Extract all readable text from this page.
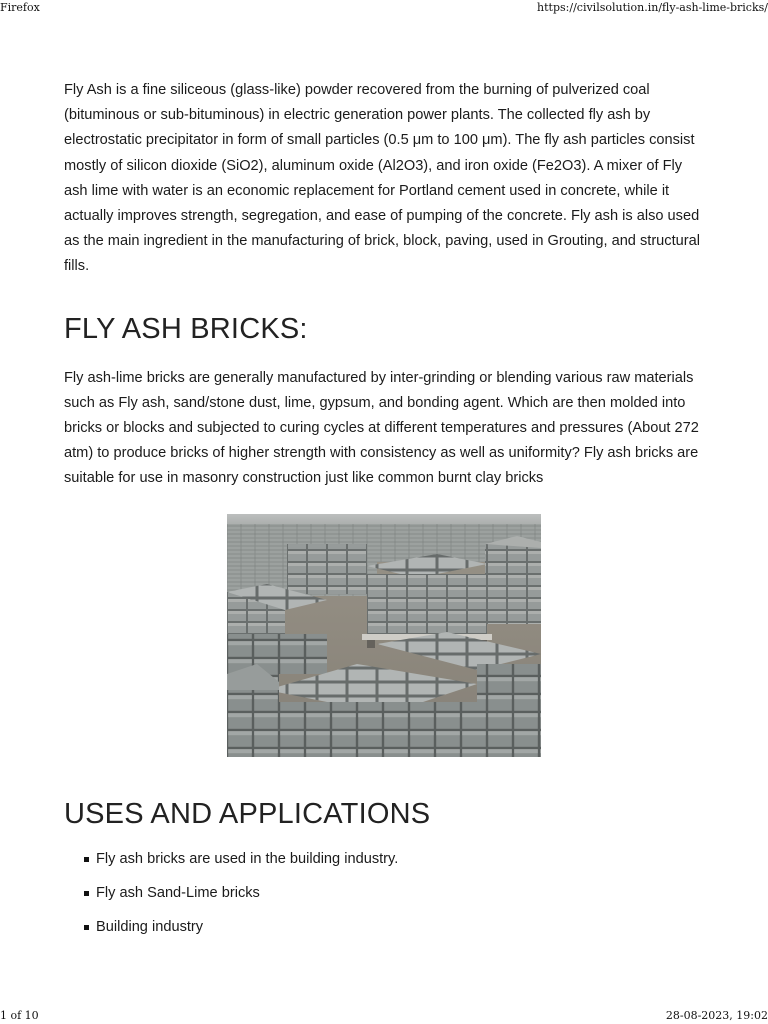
Firefox	https://civilsolution.in/fly-ash-lime-bricks/

Fly Ash is a fine siliceous (glass-like) powder recovered from the burning of pulverized coal (bituminous or sub-bituminous) in electric generation power plants. The collected fly ash by electrostatic precipitator in form of small particles (0.5 μm to 100 μm). The fly ash particles consist mostly of silicon dioxide (SiO2), aluminum oxide (Al2O3), and iron oxide (Fe2O3). A mixer of Fly ash lime with water is an economic replacement for Portland cement used in concrete, while it actually improves strength, segregation, and ease of pumping of the concrete. Fly ash is also used as the main ingredient in the manufacturing of brick, block, paving, used in Grouting, and structural fills.

FLY ASH BRICKS:

Fly ash-lime bricks are generally manufactured by inter-grinding or blending various raw materials such as Fly ash, sand/stone dust, lime, gypsum, and bonding agent. Which are then molded into bricks or blocks and subjected to curing cycles at different temperatures and pressures (About 272 atm) to produce bricks of higher strength with consistency as well as uniformity? Fly ash bricks are suitable for use in masonry construction just like common burnt clay bricks

USES AND APPLICATIONS
Fly ash bricks are used in the building industry.
Fly ash Sand-Lime bricks
Building industry
1 of 10	28-08-2023, 19:02
